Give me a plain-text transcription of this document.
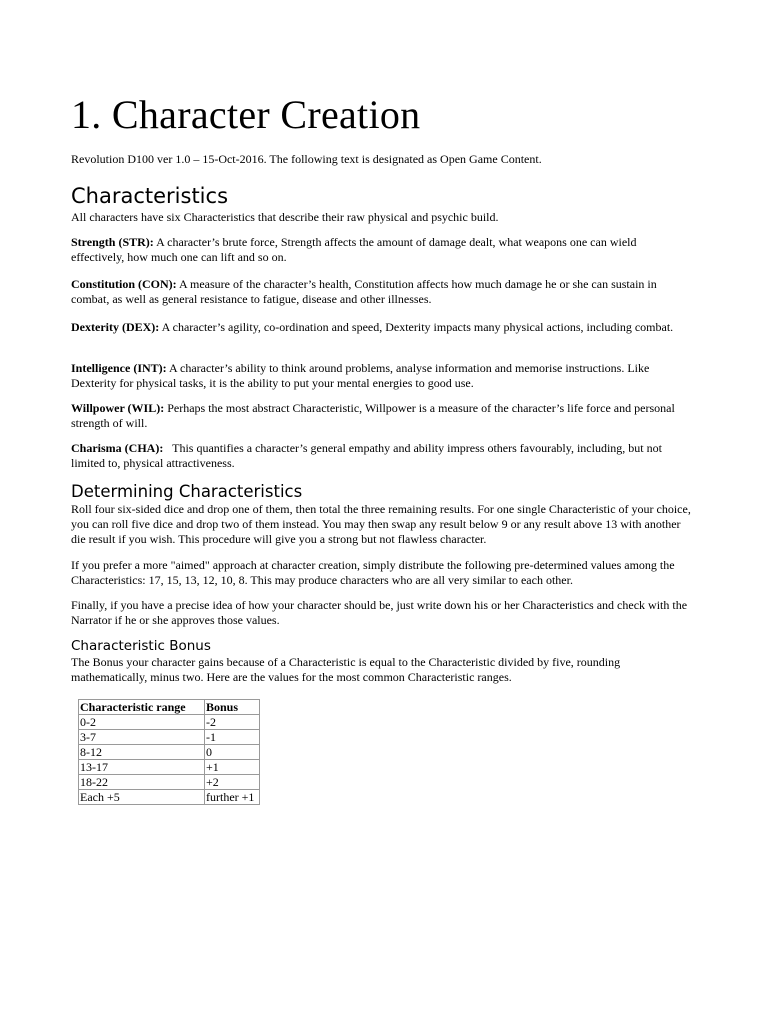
1. Character Creation

Revolution D100 ver 1.0 – 15-Oct-2016. The following text is designated as Open Game Content.

Characteristics

All characters have six Characteristics that describe their raw physical and psychic build.

Strength (STR): A character’s brute force, Strength affects the amount of damage dealt, what weapons one can wield effectively, how much one can lift and so on.

Constitution (CON): A measure of the character’s health, Constitution affects how much damage he or she can sustain in combat, as well as general resistance to fatigue, disease and other illnesses.

Dexterity (DEX): A character’s agility, co-ordination and speed, Dexterity impacts many physical actions, including combat.

Intelligence (INT): A character’s ability to think around problems, analyse information and memorise instructions. Like Dexterity for physical tasks, it is the ability to put your mental energies to good use.

Willpower (WIL): Perhaps the most abstract Characteristic, Willpower is a measure of the character’s life force and personal strength of will.

Charisma (CHA):   This quantifies a character’s general empathy and ability impress others favourably, including, but not limited to, physical attractiveness.

Determining Characteristics

Roll four six-sided dice and drop one of them, then total the three remaining results. For one single Characteristic of your choice, you can roll five dice and drop two of them instead. You may then swap any result below 9 or any result above 13 with another die result if you wish. This procedure will give you a strong but not flawless character.

If you prefer a more "aimed" approach at character creation, simply distribute the following pre-determined values among the Characteristics: 17, 15, 13, 12, 10, 8. This may produce characters who are all very similar to each other.

Finally, if you have a precise idea of how your character should be, just write down his or her Characteristics and check with the Narrator if he or she approves those values.

Characteristic Bonus

The Bonus your character gains because of a Characteristic is equal to the Characteristic divided by five, rounding mathematically, minus two. Here are the values for the most common Characteristic ranges.

Characteristic range	Bonus
0-2	-2
3-7	-1
8-12	0
13-17	+1
18-22	+2
Each +5	further +1
